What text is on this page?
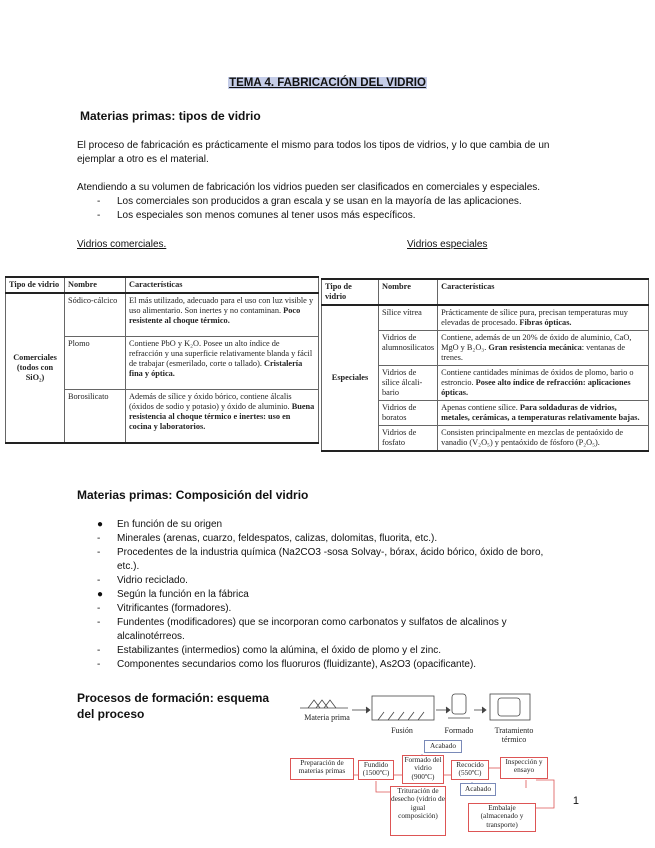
TEMA 4. FABRICACIÓN DEL VIDRIO
Materias primas: tipos de vidrio
El proceso de fabricación es prácticamente el mismo para todos los tipos de vidrios, y lo que cambia de un ejemplar a otro es el material.
Atendiendo a su volumen de fabricación los vidrios pueden ser clasificados en comerciales y especiales.
- Los comerciales son producidos a gran escala y se usan en la mayoría de las aplicaciones.
- Los especiales son menos comunes al tener usos más específicos.
Vidrios comerciales.	Vidrios especiales
Tipo de vidrio	Nombre	Características
Comerciales (todos con SiO₂)	Sódico-cálcico	El más utilizado, adecuado para el uso con luz visible y uso alimentario. Son inertes y no contaminan. Poco resistente al choque térmico.
	Plomo	Contiene PbO y K₂O. Posee un alto índice de refracción y una superficie relativamente blanda y fácil de trabajar (esmerilado, corte o tallado). Cristalería fina y óptica.
	Borosilicato	Además de sílice y óxido bórico, contiene álcalis (óxidos de sodio y potasio) y óxido de aluminio. Buena resistencia al choque térmico e inertes: uso en cocina y laboratorios.
Tipo de vidrio	Nombre	Características
Especiales	Sílice vítrea	Prácticamente de sílice pura, precisan temperaturas muy elevadas de procesado. Fibras ópticas.
	Vidrios de alumnosilicatos	Contiene, además de un 20% de óxido de aluminio, CaO, MgO y B₂O₃. Gran resistencia mecánica: ventanas de trenes.
	Vidrios de sílice álcali-bario	Contiene cantidades mínimas de óxidos de plomo, bario o estroncio. Posee alto índice de refracción: aplicaciones ópticas.
	Vidrios de boratos	Apenas contiene sílice. Para soldaduras de vidrios, metales, cerámicas, a temperaturas relativamente bajas.
	Vidrios de fosfato	Consisten principalmente en mezclas de pentaóxido de vanadio (V₂O₅) y pentaóxido de fósforo (P₂O₅).
Materias primas: Composición del vidrio
● En función de su origen
- Minerales (arenas, cuarzo, feldespatos, calizas, dolomitas, fluorita, etc.).
- Procedentes de la industria química (Na2CO3 -sosa Solvay-, bórax, ácido bórico, óxido de boro, etc.).
- Vidrio reciclado.
● Según la función en la fábrica
- Vitrificantes (formadores).
- Fundentes (modificadores) que se incorporan como carbonatos y sulfatos de alcalinos y alcalinotérreos.
- Estabilizantes (intermedios) como la alúmina, el óxido de plomo y el zinc.
- Componentes secundarios como los fluoruros (fluidizante), As2O3 (opacificante).
Procesos de formación: esquema del proceso	Materia prima
Fusión	Formado	Tratamiento térmico
Acabado
Preparación de materias primas
Fundido (1500ºC)
Formado del vidrio (900ºC)
Recocido (550ºC)
Inspección y ensayo
Acabado
Trituración de desecho (vidrio de igual composición)
Embalaje (almacenado y transporte)
1
